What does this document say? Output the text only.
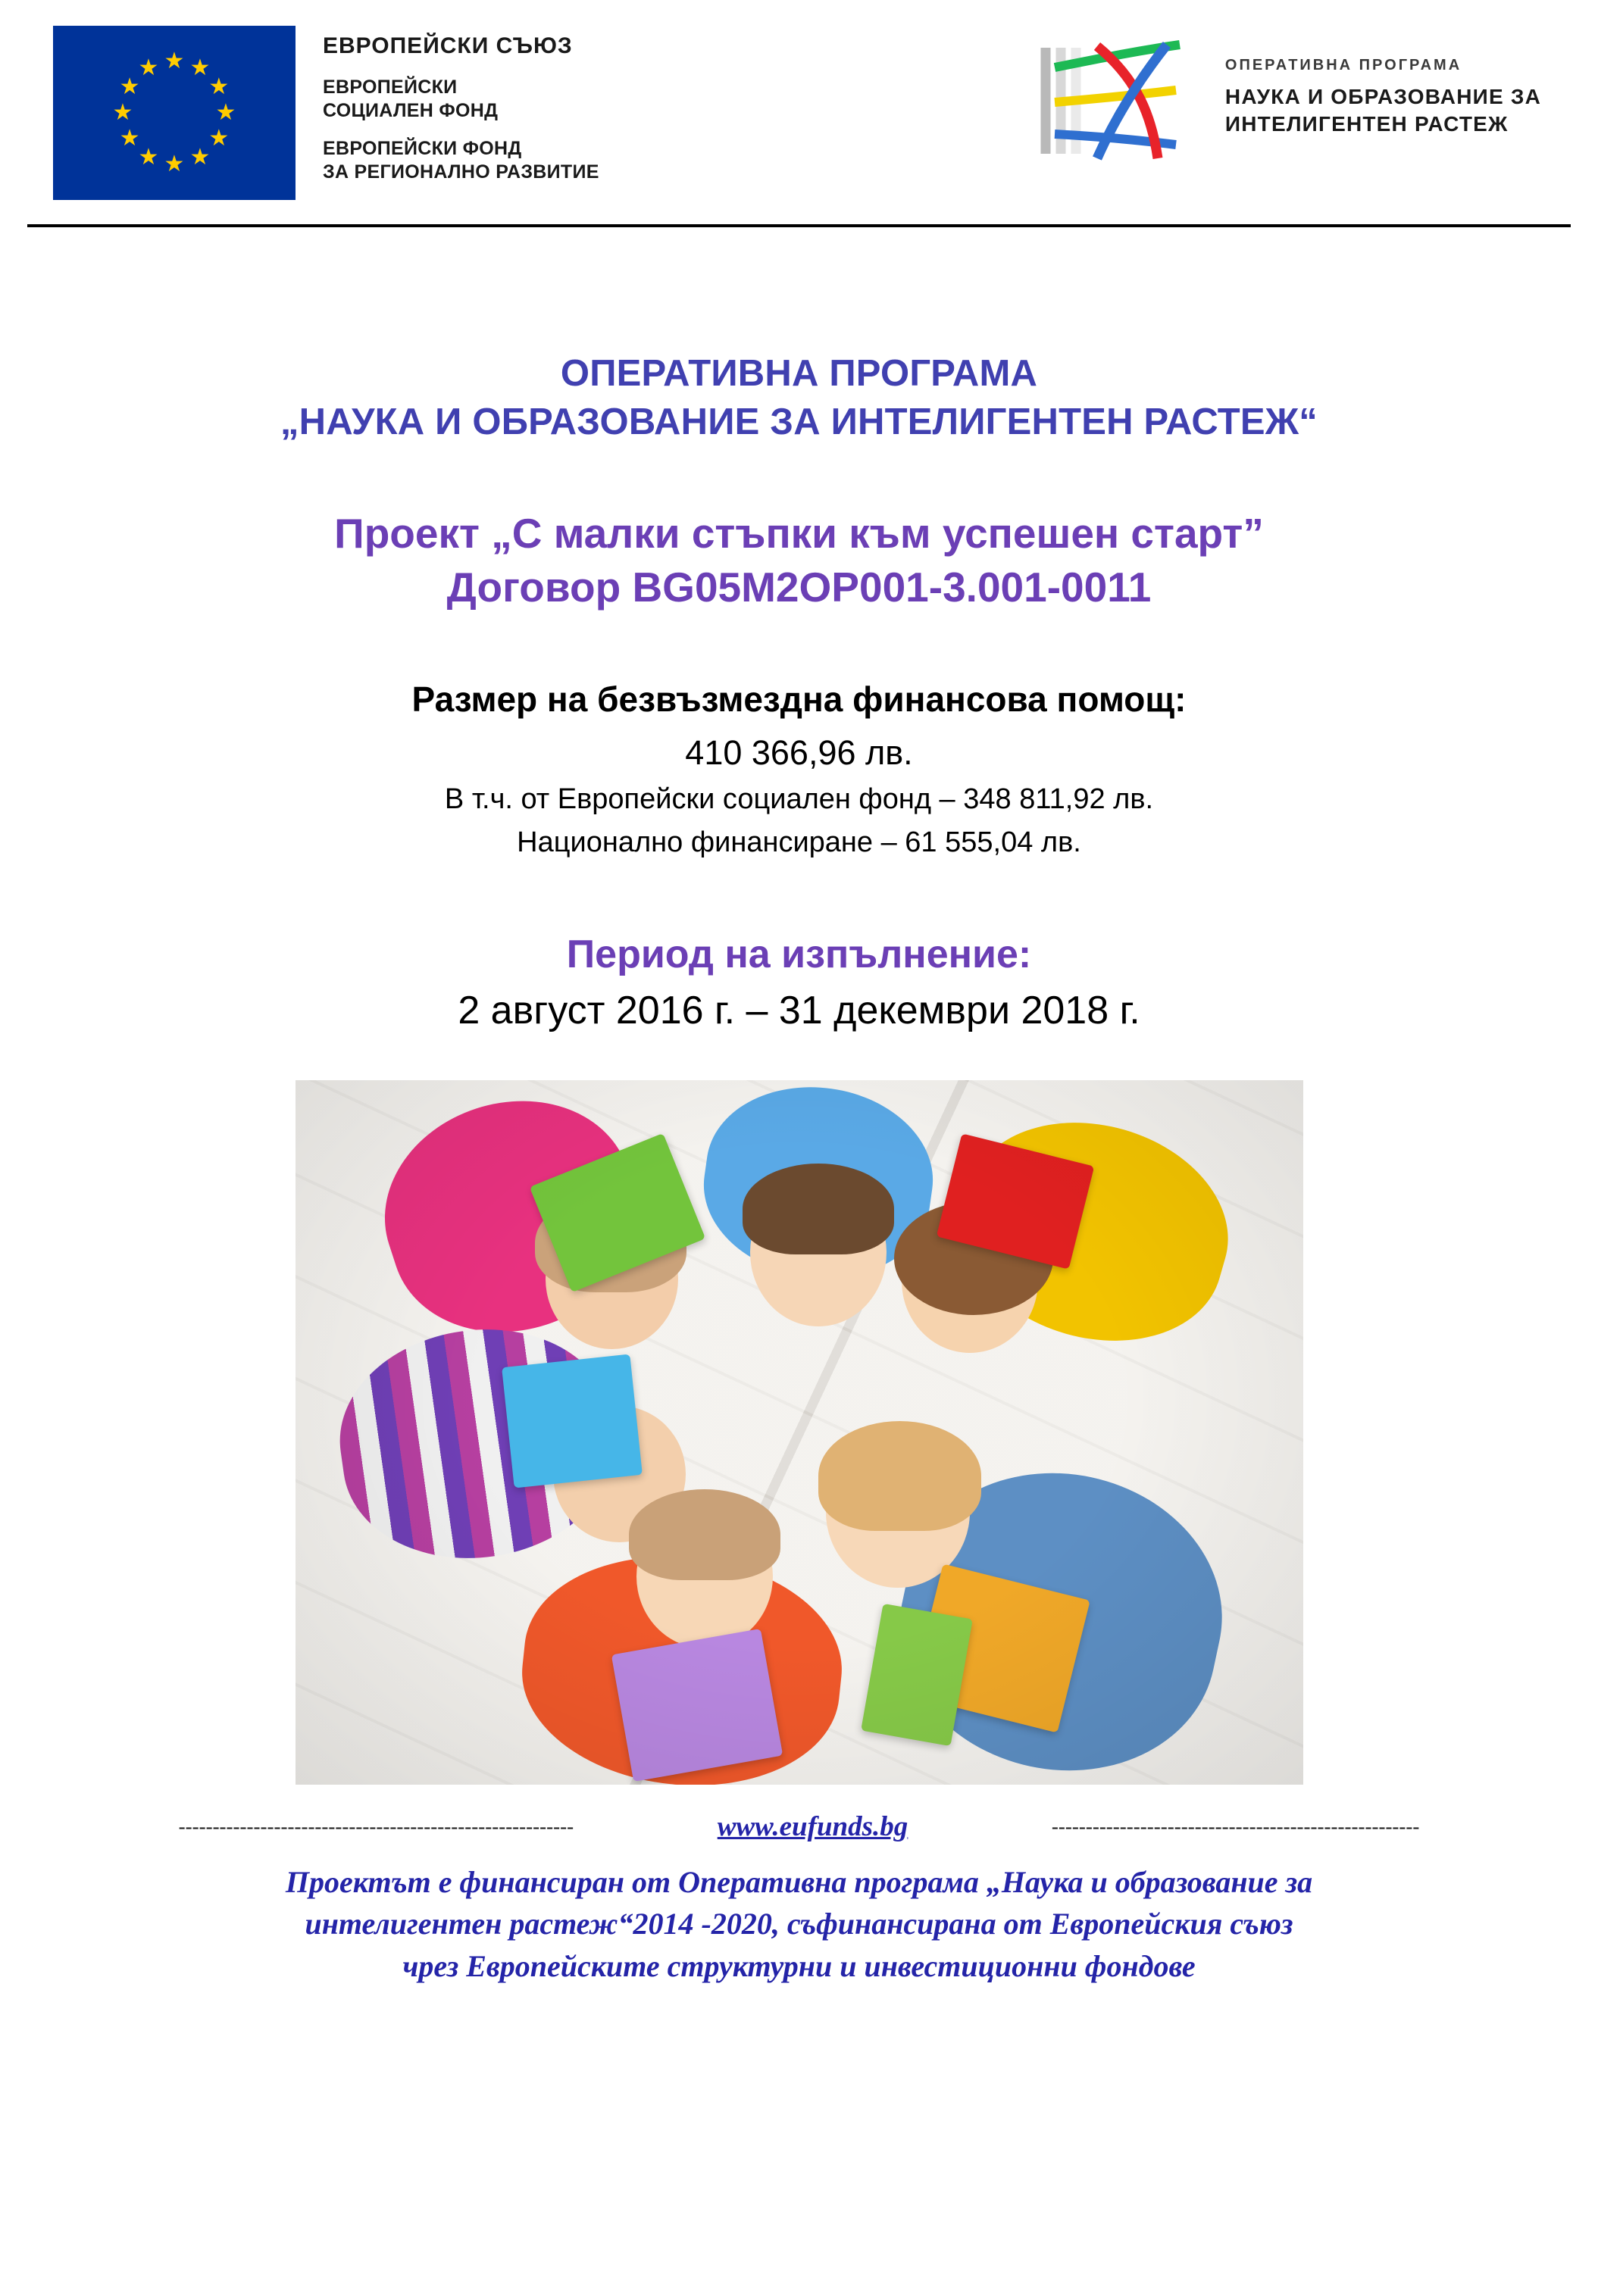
★ ★
★
★
★
★
★
★
★
★
★
★
ЕВРОПЕЙСКИ СЪЮЗ
ЕВРОПЕЙСКИ
СОЦИАЛЕН ФОНД
ЕВРОПЕЙСКИ ФОНД
ЗА РЕГИОНАЛНО РАЗВИТИЕ
ОПЕРАТИВНА ПРОГРАМА
НАУКА И ОБРАЗОВАНИЕ ЗА
ИНТЕЛИГЕНТЕН РАСТЕЖ
ОПЕРАТИВНА ПРОГРАМА
„НАУКА И ОБРАЗОВАНИЕ ЗА ИНТЕЛИГЕНТЕН РАСТЕЖ“
Проект „С малки стъпки към успешен старт”
Договор BG05M2OP001-3.001-0011
Размер на безвъзмездна финансова помощ:
410 366,96 лв.
В т.ч. от Европейски социален фонд – 348 811,92 лв.
Национално финансиране – 61 555,04 лв.
Период на изпълнение:
2 август 2016 г. – 31 декември 2018 г.
----------------------------------------------------------	www.eufunds.bg	------------------------------------------------------
Проектът е финансиран от Оперативна програма „Наука и образование за
интелигентен растеж“2014 -2020, съфинансирана от Европейския съюз
чрез Европейските структурни и инвестиционни фондове
